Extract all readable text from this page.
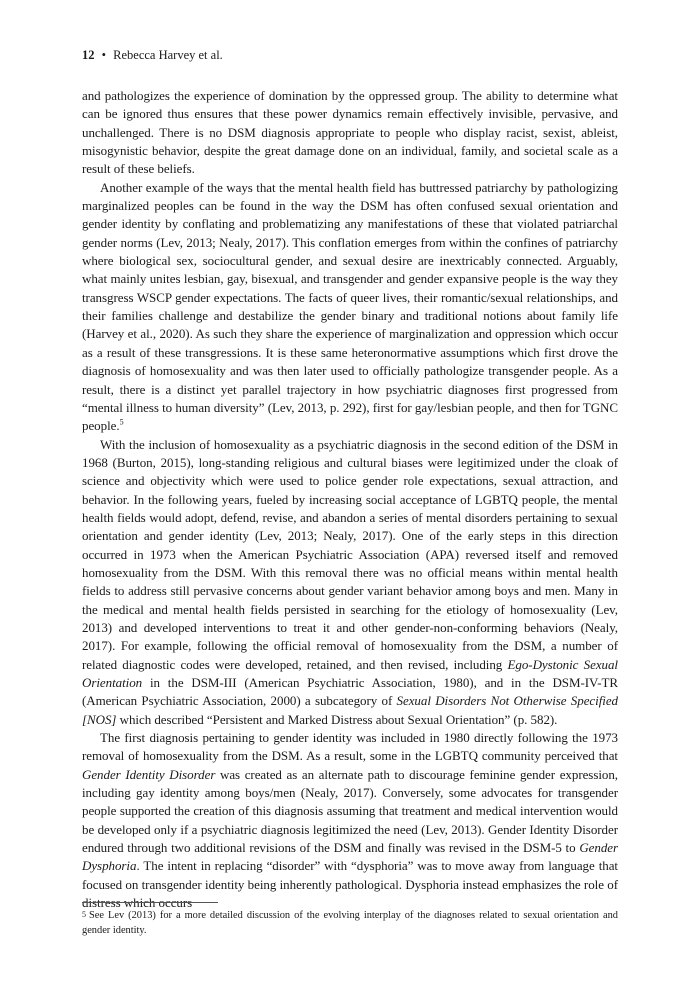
12 • Rebecca Harvey et al.

and pathologizes the experience of domination by the oppressed group. The ability to determine what can be ignored thus ensures that these power dynamics remain effectively invisible, pervasive, and unchallenged. There is no DSM diagnosis appropriate to people who display racist, sexist, ableist, misogynistic behavior, despite the great damage done on an individual, family, and societal scale as a result of these beliefs.

Another example of the ways that the mental health field has buttressed patriarchy by pathologizing marginalized peoples can be found in the way the DSM has often confused sexual orientation and gender identity by conflating and problematizing any manifestations of these that violated patriarchal gender norms (Lev, 2013; Nealy, 2017). This conflation emerges from within the confines of patriarchy where biological sex, sociocultural gender, and sexual desire are inextricably connected. Arguably, what mainly unites lesbian, gay, bisexual, and transgender and gender expansive people is the way they transgress WSCP gender expectations. The facts of queer lives, their romantic/sexual relationships, and their families challenge and destabilize the gender binary and traditional notions about family life (Harvey et al., 2020). As such they share the experience of marginalization and oppression which occur as a result of these transgressions. It is these same heteronormative assumptions which first drove the diagnosis of homosexuality and was then later used to officially pathologize transgender people. As a result, there is a distinct yet parallel trajectory in how psychiatric diagnoses first progressed from “mental illness to human diversity” (Lev, 2013, p. 292), first for gay/lesbian people, and then for TGNC people.$^5$

With the inclusion of homosexuality as a psychiatric diagnosis in the second edition of the DSM in 1968 (Burton, 2015), long-standing religious and cultural biases were legitimized under the cloak of science and objectivity which were used to police gender role expectations, sexual attraction, and behavior. In the following years, fueled by increasing social acceptance of LGBTQ people, the mental health fields would adopt, defend, revise, and abandon a series of mental disorders pertaining to sexual orientation and gender identity (Lev, 2013; Nealy, 2017). One of the early steps in this direction occurred in 1973 when the American Psychiatric Association (APA) reversed itself and removed homosexuality from the DSM. With this removal there was no official means within mental health fields to address still pervasive concerns about gender variant behavior among boys and men. Many in the medical and mental health fields persisted in searching for the etiology of homosexuality (Lev, 2013) and developed interventions to treat it and other gender-non-conforming behaviors (Nealy, 2017). For example, following the official removal of homosexuality from the DSM, a number of related diagnostic codes were developed, retained, and then revised, including Ego-Dystonic Sexual Orientation in the DSM-III (American Psychiatric Association, 1980), and in the DSM-IV-TR (American Psychiatric Association, 2000) a subcategory of Sexual Disorders Not Otherwise Specified [NOS] which described “Persistent and Marked Distress about Sexual Orientation” (p. 582).

The first diagnosis pertaining to gender identity was included in 1980 directly following the 1973 removal of homosexuality from the DSM. As a result, some in the LGBTQ community perceived that Gender Identity Disorder was created as an alternate path to discourage feminine gender expression, including gay identity among boys/men (Nealy, 2017). Conversely, some advocates for transgender people supported the creation of this diagnosis assuming that treatment and medical intervention would be developed only if a psychiatric diagnosis legitimized the need (Lev, 2013). Gender Identity Disorder endured through two additional revisions of the DSM and finally was revised in the DSM-5 to Gender Dysphoria. The intent in replacing “disorder” with “dysphoria” was to move away from language that focused on transgender identity being inherently pathological. Dysphoria instead emphasizes the role of distress which occurs

$^5$ See Lev (2013) for a more detailed discussion of the evolving interplay of the diagnoses related to sexual orientation and gender identity.
